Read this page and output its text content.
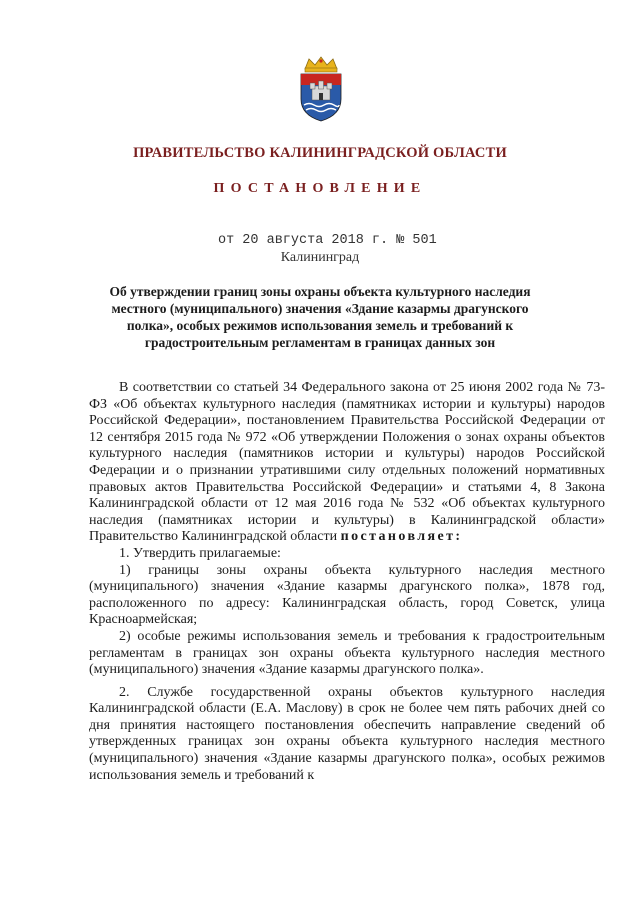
ПРАВИТЕЛЬСТВО КАЛИНИНГРАДСКОЙ ОБЛАСТИ
ПОСТАНОВЛЕНИЕ
от 20 августа 2018 г. № 501
Калининград
Об утверждении границ зоны охраны объекта культурного наследия местного (муниципального) значения «Здание казармы драгунского полка», особых режимов использования земель и требований к градостроительным регламентам в границах данных зон

В соответствии со статьей 34 Федерального закона от 25 июня 2002 года № 73-ФЗ «Об объектах культурного наследия (памятниках истории и культуры) народов Российской Федерации», постановлением Правительства Российской Федерации от 12 сентября 2015 года № 972 «Об утверждении Положения о зонах охраны объектов культурного наследия (памятников истории и культуры) народов Российской Федерации и о признании утратившими силу отдельных положений нормативных правовых актов Правительства Российской Федерации» и статьями 4, 8 Закона Калининградской области от 12 мая 2016 года № 532 «Об объектах культурного наследия (памятниках истории и культуры) в Калининградской области» Правительство Калининградской области постановляет:

1. Утвердить прилагаемые:

1) границы зоны охраны объекта культурного наследия местного (муниципального) значения «Здание казармы драгунского полка», 1878 год, расположенного по адресу: Калининградская область, город Советск, улица Красноармейская;

2) особые режимы использования земель и требования к градостроительным регламентам в границах зон охраны объекта культурного наследия местного (муниципального) значения «Здание казармы драгунского полка».

2. Службе государственной охраны объектов культурного наследия Калининградской области (Е.А. Маслову) в срок не более чем пять рабочих дней со дня принятия настоящего постановления обеспечить направление сведений об утвержденных границах зон охраны объекта культурного наследия местного (муниципального) значения «Здание казармы драгунского полка», особых режимов использования земель и требований к
